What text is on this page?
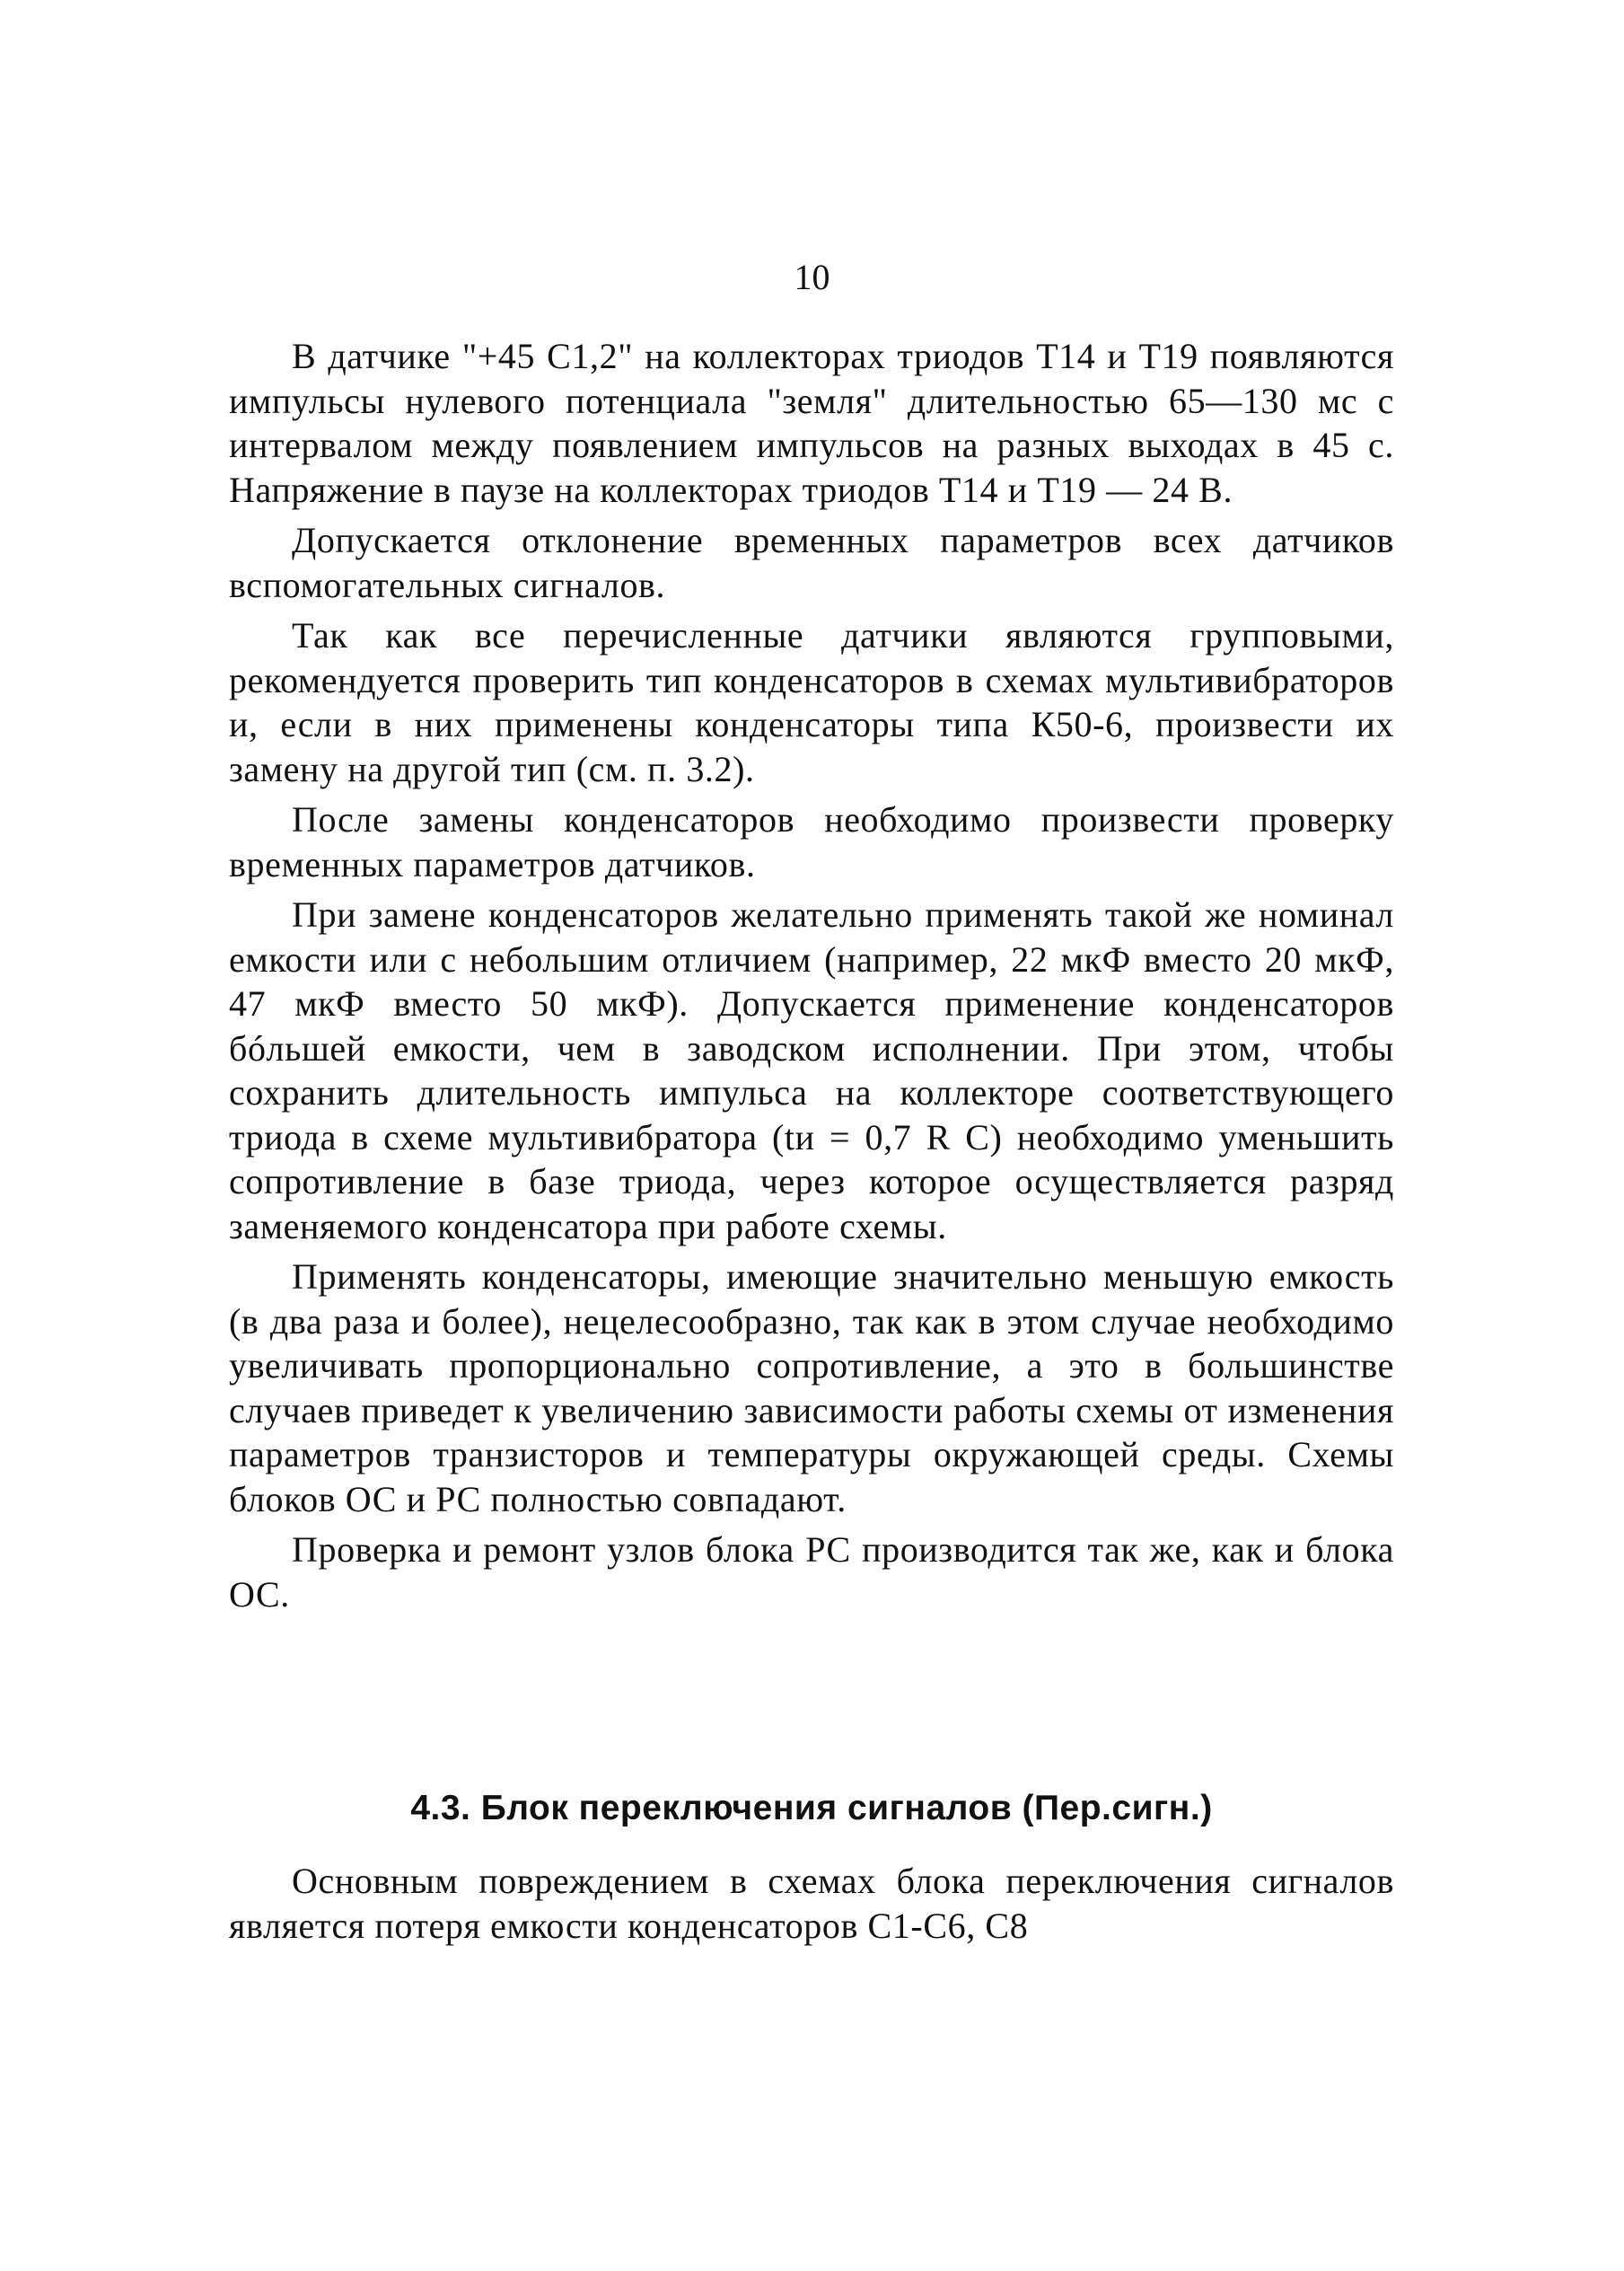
10

В датчике "+45 С1,2" на коллекторах триодов Т14 и Т19 появляются импульсы нулевого потенциала "земля" длительностью 65—130 мс с интервалом между появлением импульсов на разных выходах в 45 с. Напряжение в паузе на коллекторах триодов Т14 и Т19 — 24 В.

Допускается отклонение временных параметров всех датчиков вспомогательных сигналов.

Так как все перечисленные датчики являются групповыми, рекомендуется проверить тип конденсаторов в схемах мультивибраторов и, если в них применены конденсаторы типа К50-6, произвести их замену на другой тип (см. п. 3.2).

После замены конденсаторов необходимо произвести проверку временных параметров датчиков.

При замене конденсаторов желательно применять такой же номинал емкости или с небольшим отличием (например, 22 мкФ вместо 20 мкФ, 47 мкФ вместо 50 мкФ). Допускается применение конденсаторов бóльшей емкости, чем в заводском исполнении. При этом, чтобы сохранить длительность импульса на коллекторе соответствующего триода в схеме мультивибратора (tи = 0,7 R C) необходимо уменьшить сопротивление в базе триода, через которое осуществляется разряд заменяемого конденсатора при работе схемы.

Применять конденсаторы, имеющие значительно меньшую емкость (в два раза и более), нецелесообразно, так как в этом случае необходимо увеличивать пропорционально сопротивление, а это в большинстве случаев приведет к увеличению зависимости работы схемы от изменения параметров транзисторов и температуры окружающей среды. Схемы блоков ОС и РС полностью совпадают.

Проверка и ремонт узлов блока РС производится так же, как и блока ОС.

4.3. Блок переключения сигналов (Пер.сигн.)

Основным повреждением в схемах блока переключения сигналов является потеря емкости конденсаторов С1-С6, С8
